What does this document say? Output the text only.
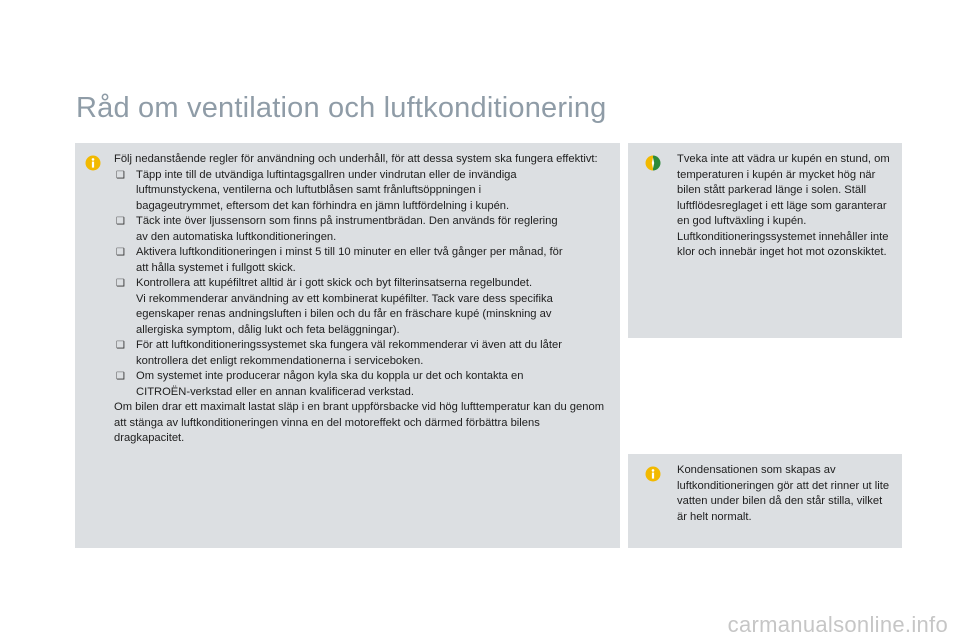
Råd om ventilation och luftkonditionering

Följ nedanstående regler för användning och underhåll, för att dessa system ska fungera effektivt:

❑ Täpp inte till de utvändiga luftintagsgallren under vindrutan eller de invändiga
luftmunstyckena, ventilerna och luftutblåsen samt frånluftsöppningen i
bagageutrymmet, eftersom det kan förhindra en jämn luftfördelning i kupén.
❑ Täck inte över ljussensorn som finns på instrumentbrädan. Den används för reglering
av den automatiska luftkonditioneringen.
❑ Aktivera luftkonditioneringen i minst 5 till 10 minuter en eller två gånger per månad, för
att hålla systemet i fullgott skick.
❑ Kontrollera att kupéfiltret alltid är i gott skick och byt filterinsatserna regelbundet.
Vi rekommenderar användning av ett kombinerat kupéfilter. Tack vare dess specifika
egenskaper renas andningsluften i bilen och du får en fräschare kupé (minskning av
allergiska symptom, dålig lukt och feta beläggningar).
❑ För att luftkonditioneringssystemet ska fungera väl rekommenderar vi även att du låter
kontrollera det enligt rekommendationerna i serviceboken.
❑ Om systemet inte producerar någon kyla ska du koppla ur det och kontakta en
CITROËN-verkstad eller en annan kvalificerad verkstad.

Om bilen drar ett maximalt lastat släp i en brant uppförsbacke vid hög lufttemperatur kan du genom att stänga av luftkonditioneringen vinna en del motoreffekt och därmed förbättra bilens dragkapacitet.

Tveka inte att vädra ur kupén en stund, om temperaturen i kupén är mycket hög när bilen stått parkerad länge i solen. Ställ luftflödesreglaget i ett läge som garanterar en god luftväxling i kupén. Luftkonditioneringssystemet innehåller inte klor och innebär inget hot mot ozonskiktet.

Kondensationen som skapas av luftkonditioneringen gör att det rinner ut lite vatten under bilen då den står stilla, vilket är helt normalt.

carmanualsonline.info
